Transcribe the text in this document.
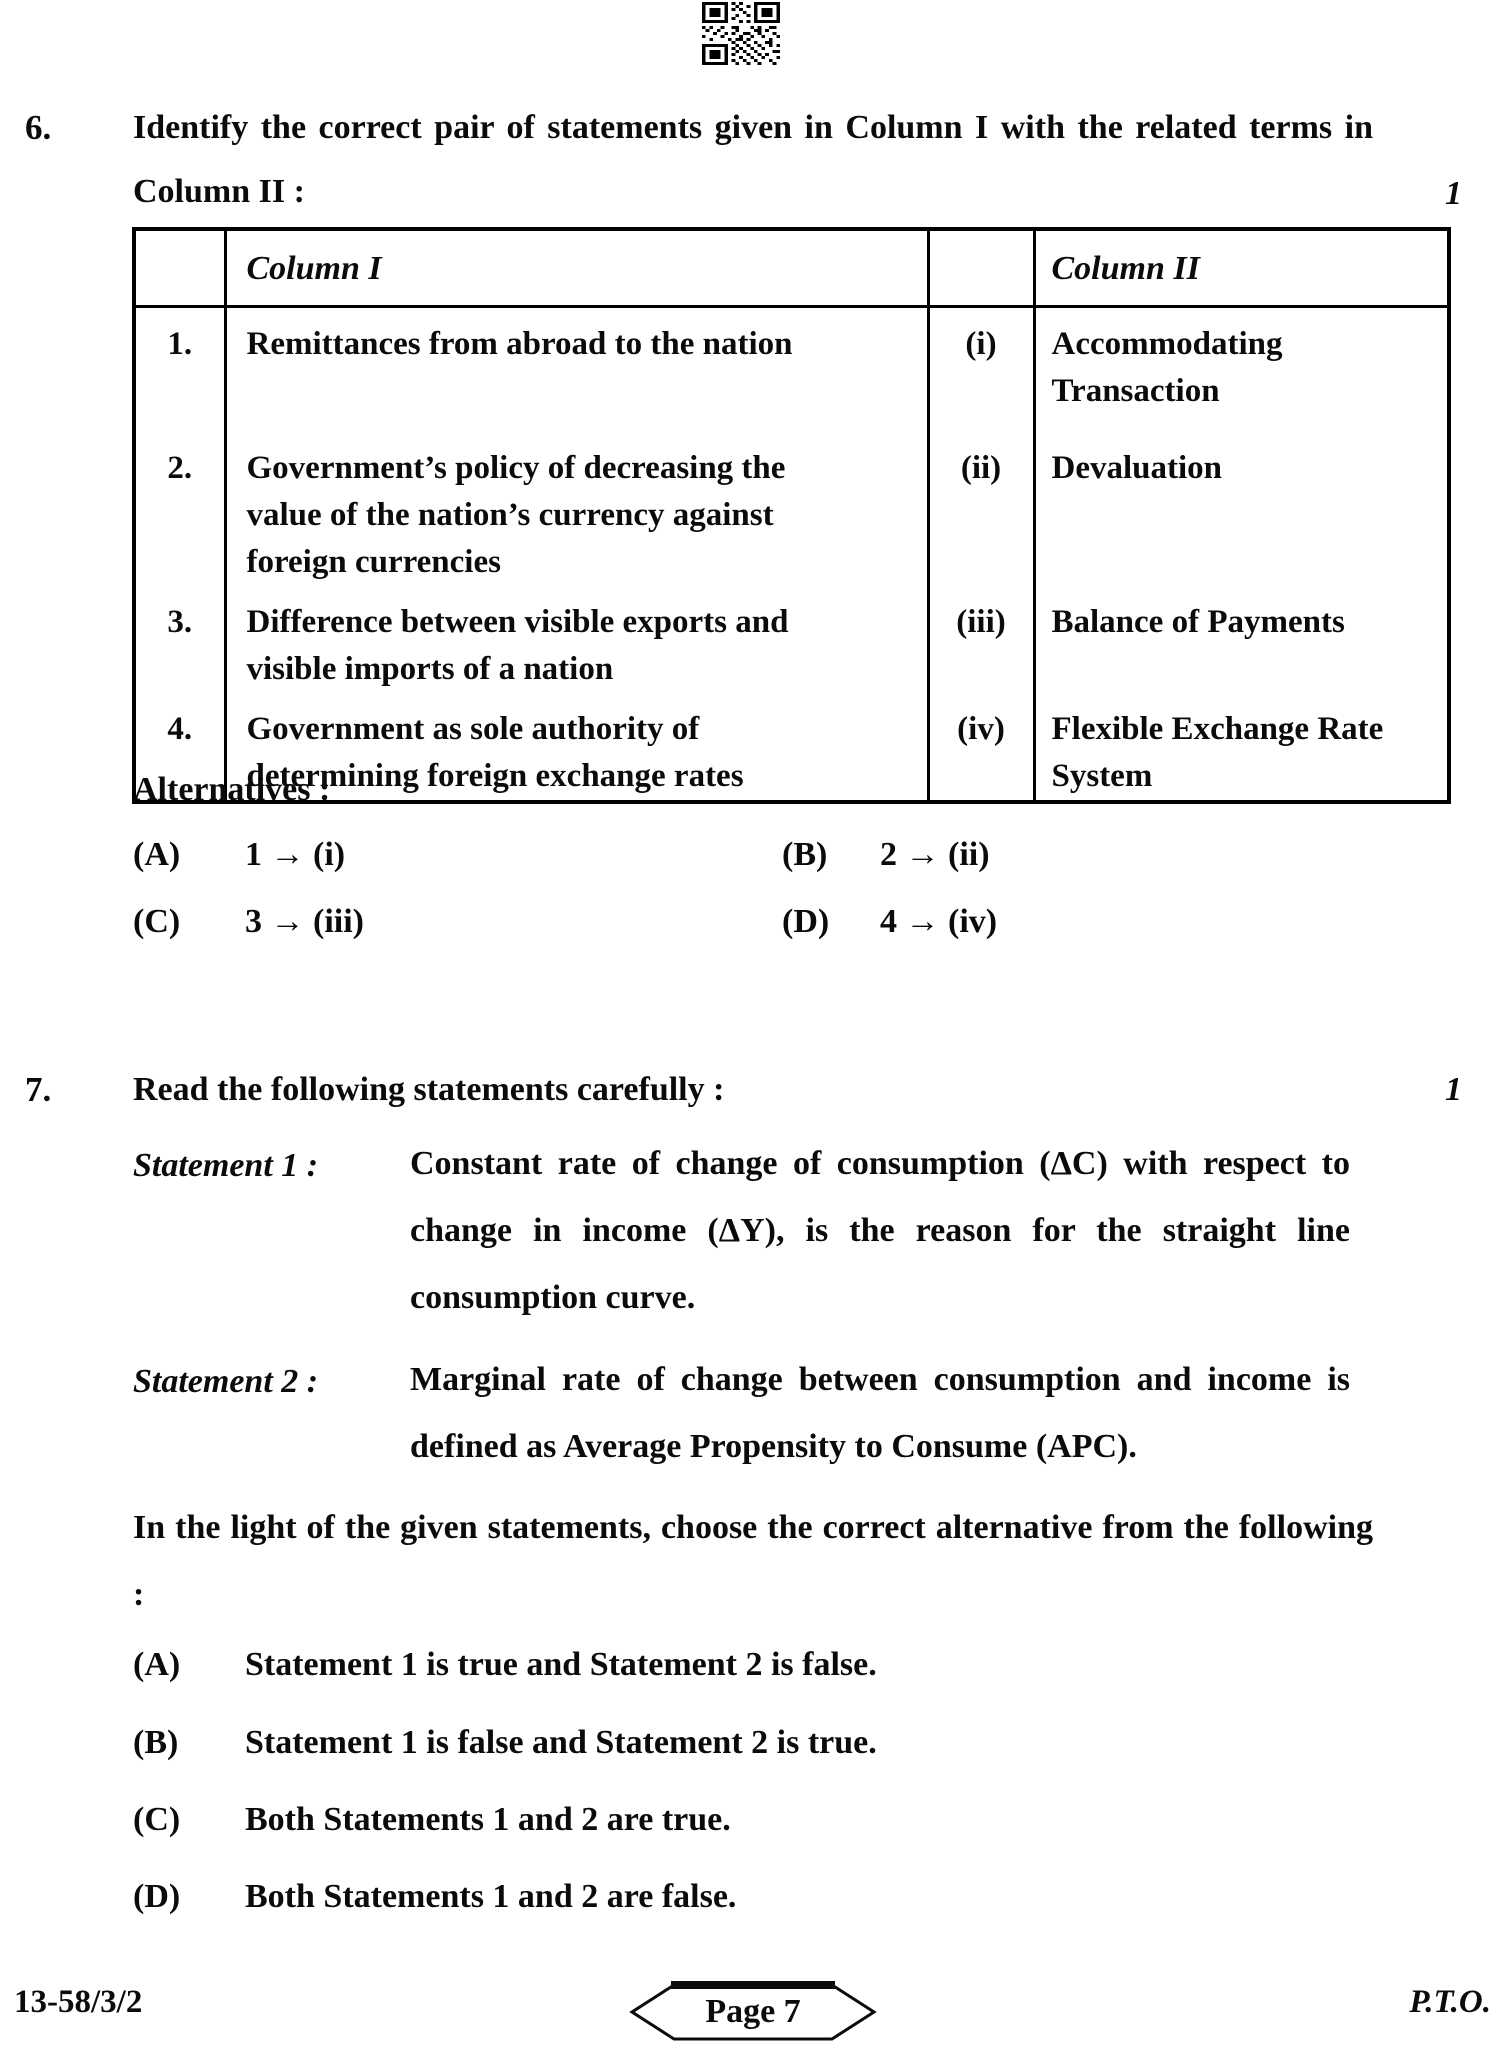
6. Identify the correct pair of statements given in Column I with the related terms in Column II :	1
	Column I		Column II
1.	Remittances from abroad to the nation	(i)	Accommodating Transaction
2.	Government’s policy of decreasing the value of the nation’s currency against foreign currencies	(ii)	Devaluation
3.	Difference between visible exports and visible imports of a nation	(iii)	Balance of Payments
4.	Government as sole authority of determining foreign exchange rates	(iv)	Flexible Exchange Rate System
Alternatives :
(A) 1 → (i)	(B) 2 → (ii)
(C) 3 → (iii)	(D) 4 → (iv)
7. Read the following statements carefully :	1
Statement 1 :	Constant rate of change of consumption (ΔC) with respect to change in income (ΔY), is the reason for the straight line consumption curve.
Statement 2 :	Marginal rate of change between consumption and income is defined as Average Propensity to Consume (APC).
In the light of the given statements, choose the correct alternative from the following :
(A) Statement 1 is true and Statement 2 is false.
(B) Statement 1 is false and Statement 2 is true.
(C) Both Statements 1 and 2 are true.
(D) Both Statements 1 and 2 are false.
13-58/3/2	Page 7	P.T.O.
